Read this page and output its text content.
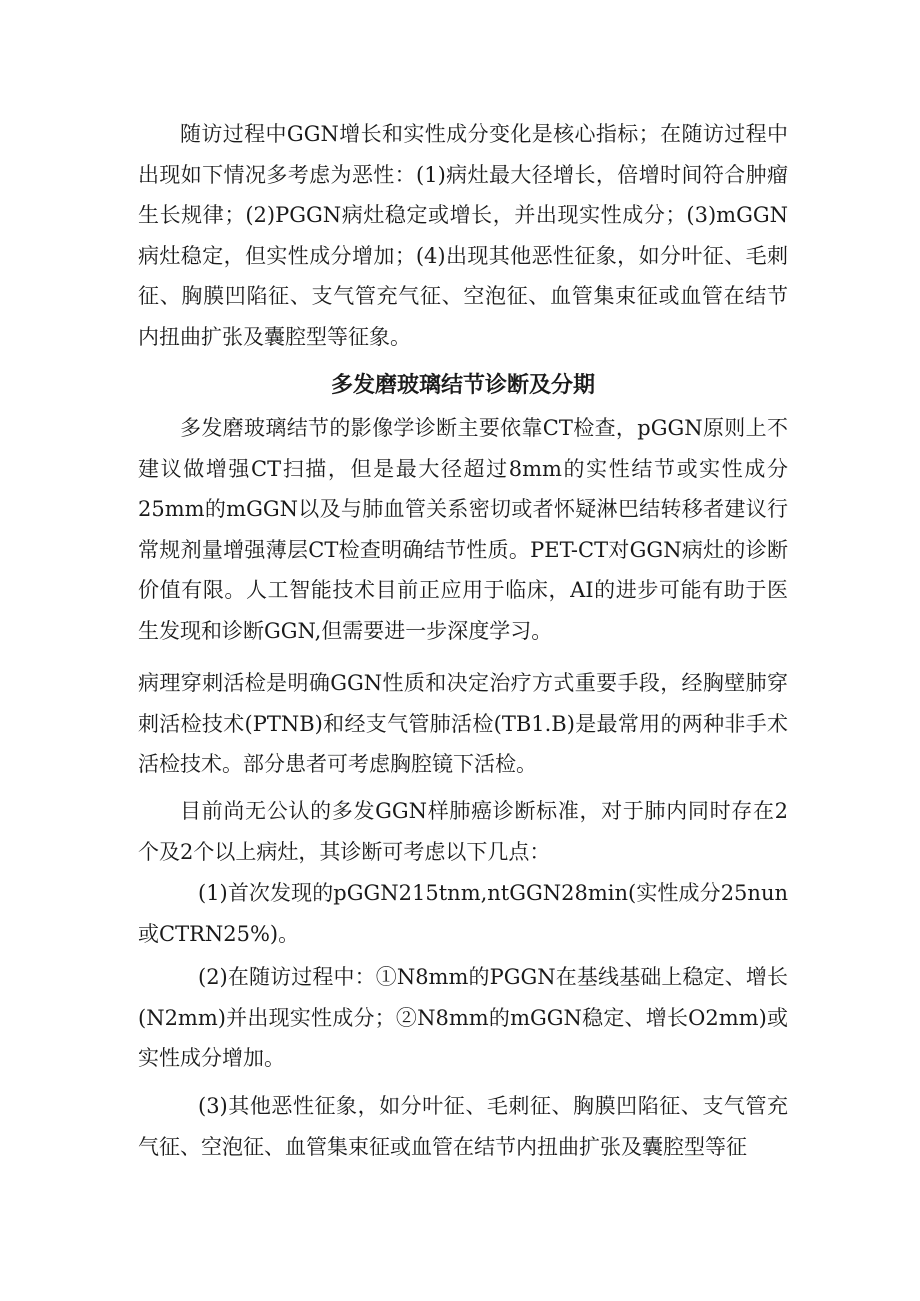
随访过程中GGN增长和实性成分变化是核心指标；在随访过程中出现如下情况多考虑为恶性：(1)病灶最大径增长，倍增时间符合肿瘤生长规律；(2)PGGN病灶稳定或增长，并出现实性成分；(3)mGGN病灶稳定，但实性成分增加；(4)出现其他恶性征象，如分叶征、毛刺征、胸膜凹陷征、支气管充气征、空泡征、血管集束征或血管在结节内扭曲扩张及囊腔型等征象。

多发磨玻璃结节诊断及分期

多发磨玻璃结节的影像学诊断主要依靠CT检查，pGGN原则上不建议做增强CT扫描，但是最大径超过8mm的实性结节或实性成分25mm的mGGN以及与肺血管关系密切或者怀疑淋巴结转移者建议行常规剂量增强薄层CT检查明确结节性质。PET-CT对GGN病灶的诊断价值有限。人工智能技术目前正应用于临床，AI的进步可能有助于医生发现和诊断GGN,但需要进一步深度学习。

病理穿刺活检是明确GGN性质和决定治疗方式重要手段，经胸壁肺穿刺活检技术(PTNB)和经支气管肺活检(TB1.B)是最常用的两种非手术活检技术。部分患者可考虑胸腔镜下活检。

目前尚无公认的多发GGN样肺癌诊断标准，对于肺内同时存在2个及2个以上病灶，其诊断可考虑以下几点：

(1)首次发现的pGGN215tnm,ntGGN28min(实性成分25nun或CTRN25%)。

(2)在随访过程中：①N8mm的PGGN在基线基础上稳定、增长(N2mm)并出现实性成分；②N8mm的mGGN稳定、增长O2mm)或实性成分增加。

(3)其他恶性征象，如分叶征、毛刺征、胸膜凹陷征、支气管充气征、空泡征、血管集束征或血管在结节内扭曲扩张及囊腔型等征
